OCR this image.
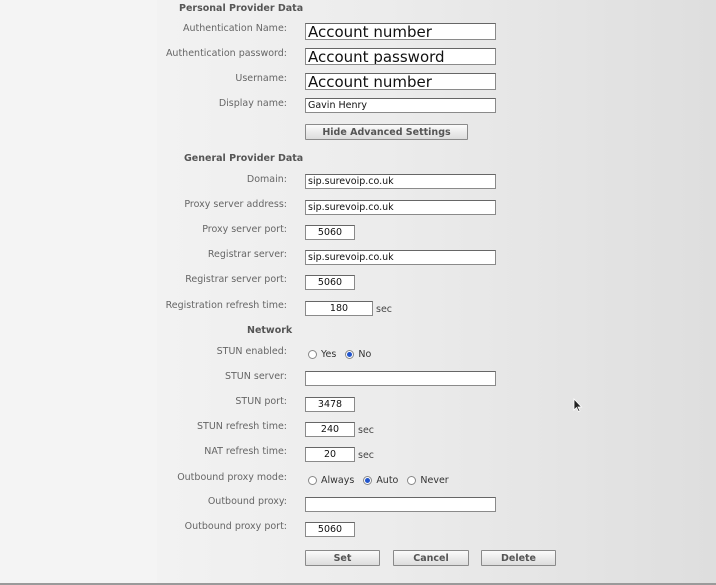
Personal Provider Data
Authentication Name:
Account number
Authentication password:
Account password
Username:
Account number
Display name:
Gavin Henry
Hide Advanced Settings
General Provider Data
Domain:
sip.surevoip.co.uk
Proxy server address:
sip.surevoip.co.uk
Proxy server port:
5060
Registrar server:
sip.surevoip.co.uk
Registrar server port:
5060
Registration refresh time:
180	sec
Network
STUN enabled:	Yes No
STUN server:
STUN port:
3478
STUN refresh time:
240	sec
NAT refresh time:
20	sec
Outbound proxy mode:	Always Auto Never
Outbound proxy:
Outbound proxy port:
5060
Set	Cancel	Delete
